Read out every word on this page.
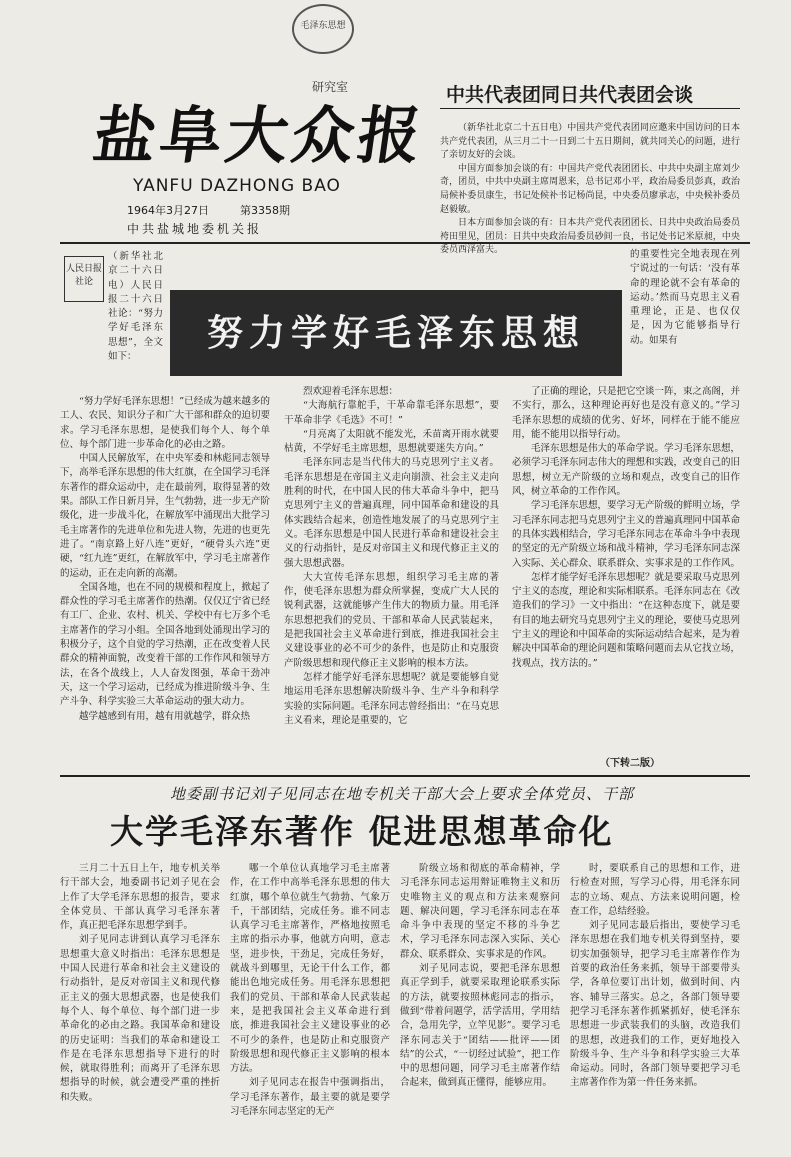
毛泽东思想
研究室
盐阜大众报
YANFU DAZHONG BAO
1964年3月27日	第3358期
中共盐城地委机关报
中共代表团同日共代表团会谈

（新华社北京二十五日电）中国共产党代表团同应邀来中国访问的日本共产党代表团，从三月二十一日到二十五日期间，就共同关心的问题，进行了亲切友好的会谈。

中国方面参加会谈的有：中国共产党代表团团长、中共中央副主席刘少奇，团员，中共中央副主席周恩来，总书记邓小平，政治局委员彭真，政治局候补委员康生，书记处候补书记杨尚昆，中央委员廖承志，中央候补委员赵毅敏。

日本方面参加会谈的有：日本共产党代表团团长、日共中央政治局委员袴田里见，团员：日共中央政治局委员砂间一良，书记处书记米原昶，中央委员西泽富夫。

人民日报社论
努力学好毛泽东思想

（新华社北京二十六日电）人民日报二十六日社论：“努力学好毛泽东思想”，全文如下：

“努力学好毛泽东思想！”已经成为越来越多的工人、农民、知识分子和广大干部和群众的迫切要求。学习毛泽东思想，是使我们每个人、每个单位、每个部门进一步革命化的必由之路。

中国人民解放军，在中央军委和林彪同志领导下，高举毛泽东思想的伟大红旗，在全国学习毛泽东著作的群众运动中，走在最前列，取得显著的效果。部队工作日新月异，生气勃勃，进一步无产阶级化，进一步战斗化，在解放军中涌现出大批学习毛主席著作的先进单位和先进人物，先进的也更先进了。“南京路上好八连”更好，“硬骨头六连”更硬，“红九连”更红，在解放军中，学习毛主席著作的运动，正在走向新的高潮。

全国各地，也在不同的规模和程度上，掀起了群众性的学习毛主席著作的热潮。仅仅辽宁省已经有工厂、企业、农村、机关、学校中有七万多个毛主席著作的学习小组。全国各地到处涌现出学习的积极分子，这个自觉的学习热潮，正在改变着人民群众的精神面貌，改变着干部的工作作风和领导方法，在各个战线上，人人奋发图强，革命干劲冲天，这一个学习运动，已经成为推进阶级斗争、生产斗争、科学实验三大革命运动的强大动力。

越学越感到有用，越有用就越学，群众热

烈欢迎着毛泽东思想：

“大海航行靠舵手，干革命靠毛泽东思想”，要干革命非学《毛选》不可！”

“月亮离了太阳就不能发光，禾苗离开雨水就要枯黄，不学好毛主席思想，思想就要迷失方向。”

毛泽东同志是当代伟大的马克思列宁主义者。毛泽东思想是在帝国主义走向崩溃、社会主义走向胜利的时代，在中国人民的伟大革命斗争中，把马克思列宁主义的普遍真理，同中国革命和建设的具体实践结合起来，创造性地发展了的马克思列宁主义。毛泽东思想是中国人民进行革命和建设社会主义的行动指针，是反对帝国主义和现代修正主义的强大思想武器。

大大宣传毛泽东思想，组织学习毛主席的著作，使毛泽东思想为群众所掌握，变成广大人民的锐利武器，这就能够产生伟大的物质力量。用毛泽东思想把我们的党员、干部和革命人民武装起来，是把我国社会主义革命进行到底，推进我国社会主义建设事业的必不可少的条件，也是防止和克服资产阶级思想和现代修正主义影响的根本方法。

怎样才能学好毛泽东思想呢？就是要能够自觉地运用毛泽东思想解决阶级斗争、生产斗争和科学实验的实际问题。毛泽东同志曾经指出：“在马克思主义看来，理论是重要的，它

了正确的理论，只是把它空谈一阵，束之高阁，并不实行，那么，这种理论再好也是没有意义的。”学习毛泽东思想的成绩的优劣、好坏，同样在于能不能应用，能不能用以指导行动。

毛泽东思想是伟大的革命学说。学习毛泽东思想，必须学习毛泽东同志伟大的理想和实践，改变自己的旧思想，树立无产阶级的立场和观点，改变自己的旧作风，树立革命的工作作风。

学习毛泽东思想，要学习无产阶级的鲜明立场，学习毛泽东同志把马克思列宁主义的普遍真理同中国革命的具体实践相结合，学习毛泽东同志在革命斗争中表现的坚定的无产阶级立场和战斗精神，学习毛泽东同志深入实际、关心群众、联系群众、实事求是的工作作风。

怎样才能学好毛泽东思想呢？就是要采取马克思列宁主义的态度，理论和实际相联系。毛泽东同志在《改造我们的学习》一文中指出：“在这种态度下，就是要有目的地去研究马克思列宁主义的理论，要使马克思列宁主义的理论和中国革命的实际运动结合起来，是为着解决中国革命的理论问题和策略问题而去从它找立场，找观点，找方法的。”

的重要性完全地表现在列宁说过的一句话：‘没有革命的理论就不会有革命的运动。’然而马克思主义看重理论，正是、也仅仅是，因为它能够指导行动。如果有

（下转二版）
地委副书记刘子见同志在地专机关干部大会上要求全体党员、干部
大学毛泽东著作 促进思想革命化

三月二十五日上午，地专机关举行干部大会，地委副书记刘子见在会上作了大学毛泽东思想的报告，要求全体党员、干部认真学习毛泽东著作，真正把毛泽东思想学到手。

刘子见同志讲到认真学习毛泽东思想重大意义时指出：毛泽东思想是中国人民进行革命和社会主义建设的行动指针，是反对帝国主义和现代修正主义的强大思想武器，也是使我们每个人、每个单位、每个部门进一步革命化的必由之路。我国革命和建设的历史证明：当我们的革命和建设工作是在毛泽东思想指导下进行的时候，就取得胜利；而离开了毛泽东思想指导的时候，就会遭受严重的挫折和失败。

哪一个单位认真地学习毛主席著作，在工作中高举毛泽东思想的伟大红旗，哪个单位就生气勃勃、气象万千，干部团结，完成任务。谁不同志认真学习毛主席著作，严格地按照毛主席的指示办事，他就方向明，意志坚，进步快，干劲足，完成任务好，就战斗到哪里，无论干什么工作，都能出色地完成任务。用毛泽东思想把我们的党员、干部和革命人民武装起来，是把我国社会主义革命进行到底，推进我国社会主义建设事业的必不可少的条件，也是防止和克服资产阶级思想和现代修正主义影响的根本方法。

刘子见同志在报告中强调指出，学习毛泽东著作，最主要的就是要学习毛泽东同志坚定的无产

阶级立场和彻底的革命精神，学习毛泽东同志运用辩证唯物主义和历史唯物主义的观点和方法来观察问题、解决问题，学习毛泽东同志在革命斗争中表现的坚定不移的斗争艺术，学习毛泽东同志深入实际、关心群众、联系群众、实事求是的作风。

刘子见同志说，要把毛泽东思想真正学到手，就要采取理论联系实际的方法，就要按照林彪同志的指示，做到“带着问题学，活学活用，学用结合，急用先学，立竿见影”。要学习毛泽东同志关于“团结——批评——团结”的公式，“一切经过试验”，把工作中的思想问题，同学习毛主席著作结合起来，做到真正懂得，能够应用。

时，要联系自己的思想和工作，进行检查对照，写学习心得，用毛泽东同志的立场、观点、方法来说明问题，检查工作，总结经验。

刘子见同志最后指出，要使学习毛泽东思想在我们地专机关得到坚持，要切实加强领导，把学习毛主席著作作为首要的政治任务来抓，领导干部要带头学，各单位要订出计划，做到时间、内容、辅导三落实。总之，各部门领导要把学习毛泽东著作抓紧抓好，使毛泽东思想进一步武装我们的头脑，改造我们的思想，改进我们的工作，更好地投入阶级斗争、生产斗争和科学实验三大革命运动。同时，各部门领导要把学习毛主席著作作为第一件任务来抓。
